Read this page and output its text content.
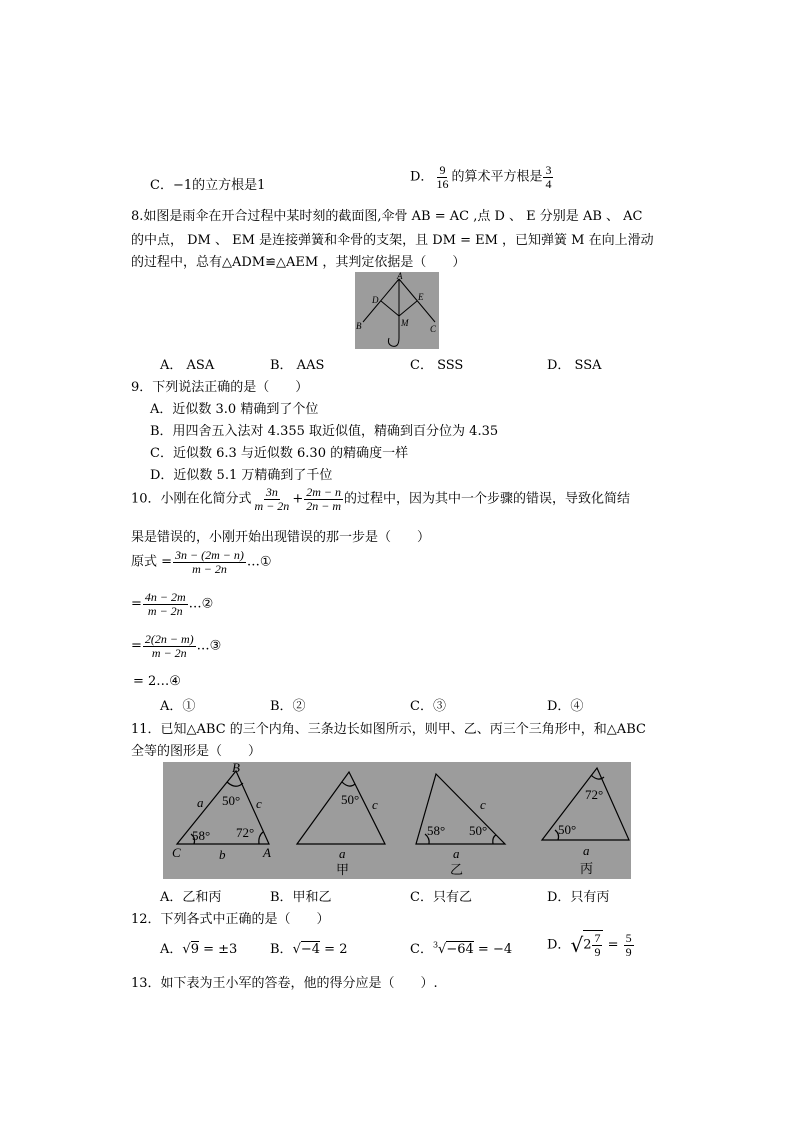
C．−1的立方根是1
D． $\frac{9}{16}$ 的算术平方根是 $\frac{3}{4}$
8.如图是雨伞在开合过程中某时刻的截面图,伞骨 AB = AC ,点 D 、 E 分别是 AB 、 AC
的中点， DM 、 EM 是连接弹簧和伞骨的支架，且 DM = EM ，已知弹簧 M 在向上滑动
的过程中，总有△ADM≌△AEM ，其判定依据是（　　）
A
B	C
D	E
M
A． ASA	B． AAS	C． SSS	D． SSA
9．下列说法正确的是（　　）
A．近似数 3.0 精确到了个位
B．用四舍五入法对 4.355 取近似值，精确到百分位为 4.35
C．近似数 6.3 与近似数 6.30 的精确度一样
D．近似数 5.1 万精确到了千位
10．小刚在化简分式 $\frac{3n}{m - 2n} + \frac{2m - n}{2n - m}$ 的过程中，因为其中一个步骤的错误，导致化简结
果是错误的，小刚开始出现错误的那一步是（　　）
原式 = $\frac{3n - (2m - n)}{m - 2n}$ …①
= $\frac{4n - 2m}{m - 2n}$ …②
= $\frac{2(2n - m)}{m - 2n}$ …③
= 2…④
A．①	B．②	C．③	D．④
11．已知△ABC 的三个内角、三条边长如图所示，则甲、乙、丙三个三角形中，和△ABC
全等的图形是（　　）
B
C	A
a	c
b
50°
58° 72°
50° c
a
甲
58° 50°
c
a
乙
72°
50°
a
丙
A．乙和丙	B．甲和乙	C．只有乙	D．只有丙
12．下列各式中正确的是（　　）
A．√9 = ±3	B．√−4 = 2	C．$^3$√−64 = −4	D．$√2 \frac{7}{9} = \frac{5}{9}$
13．如下表为王小军的答卷，他的得分应是（　　）.
